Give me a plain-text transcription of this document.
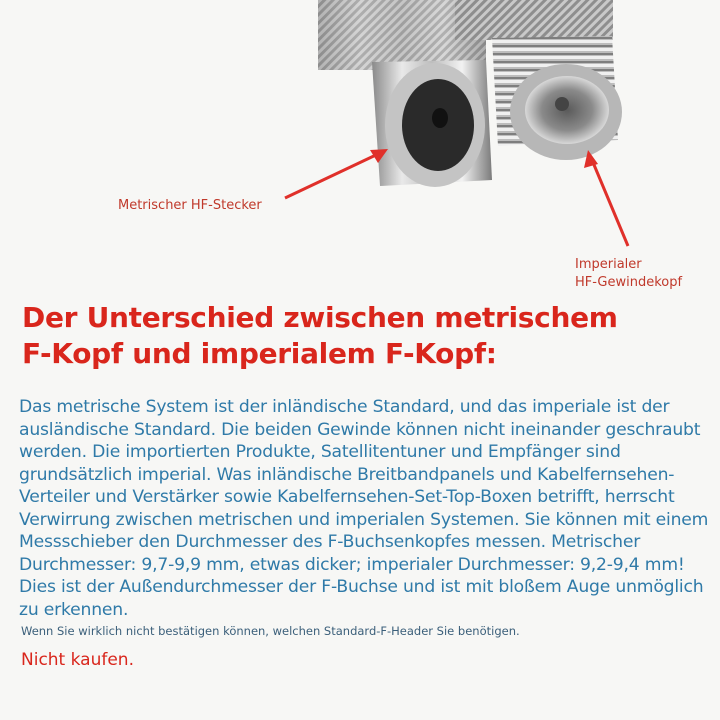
Metrischer HF-Stecker
Imperialer
HF-Gewindekopf
Der Unterschied zwischen metrischem
F-Kopf und imperialem F-Kopf:
Das metrische System ist der inländische Standard, und das imperiale ist der ausländische Standard. Die beiden Gewinde können nicht ineinander geschraubt werden. Die importierten Produkte, Satellitentuner und Empfänger sind grundsätzlich imperial. Was inländische Breitbandpanels und Kabelfernsehen-Verteiler und Verstärker sowie Kabelfernsehen-Set-Top-Boxen betrifft, herrscht Verwirrung zwischen metrischen und imperialen Systemen. Sie können mit einem Messschieber den Durchmesser des F-Buchsenkopfes messen. Metrischer Durchmesser: 9,7-9,9 mm, etwas dicker; imperialer Durchmesser: 9,2-9,4 mm! Dies ist der Außendurchmesser der F-Buchse und ist mit bloßem Auge unmöglich zu erkennen.
Wenn Sie wirklich nicht bestätigen können, welchen Standard-F-Header Sie benötigen.
Nicht kaufen.
